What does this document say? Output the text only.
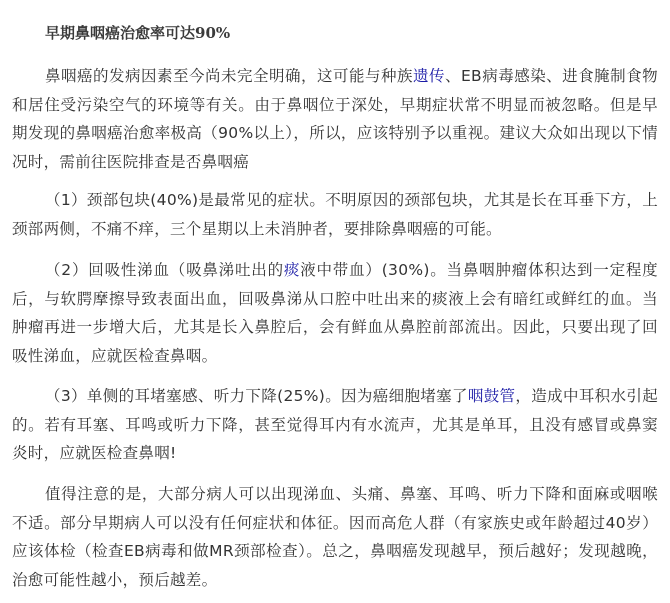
早期鼻咽癌治愈率可达90%

鼻咽癌的发病因素至今尚未完全明确，这可能与种族遗传、EB病毒感染、进食腌制食物和居住受污染空气的环境等有关。由于鼻咽位于深处，早期症状常不明显而被忽略。但是早期发现的鼻咽癌治愈率极高（90%以上），所以，应该特别予以重视。建议大众如出现以下情况时，需前往医院排查是否鼻咽癌

（1）颈部包块(40%)是最常见的症状。不明原因的颈部包块，尤其是长在耳垂下方，上颈部两侧，不痛不痒，三个星期以上未消肿者，要排除鼻咽癌的可能。

（2）回吸性涕血（吸鼻涕吐出的痰液中带血）(30%)。当鼻咽肿瘤体积达到一定程度后，与软腭摩擦导致表面出血，回吸鼻涕从口腔中吐出来的痰液上会有暗红或鲜红的血。当肿瘤再进一步增大后，尤其是长入鼻腔后，会有鲜血从鼻腔前部流出。因此，只要出现了回吸性涕血，应就医检查鼻咽。

（3）单侧的耳堵塞感、听力下降(25%)。因为癌细胞堵塞了咽鼓管，造成中耳积水引起的。若有耳塞、耳鸣或听力下降，甚至觉得耳内有水流声，尤其是单耳，且没有感冒或鼻窦炎时，应就医检查鼻咽!

值得注意的是，大部分病人可以出现涕血、头痛、鼻塞、耳鸣、听力下降和面麻或咽喉不适。部分早期病人可以没有任何症状和体征。因而高危人群（有家族史或年龄超过40岁）应该体检（检查EB病毒和做MR颈部检查）。总之，鼻咽癌发现越早，预后越好；发现越晚，治愈可能性越小，预后越差。
